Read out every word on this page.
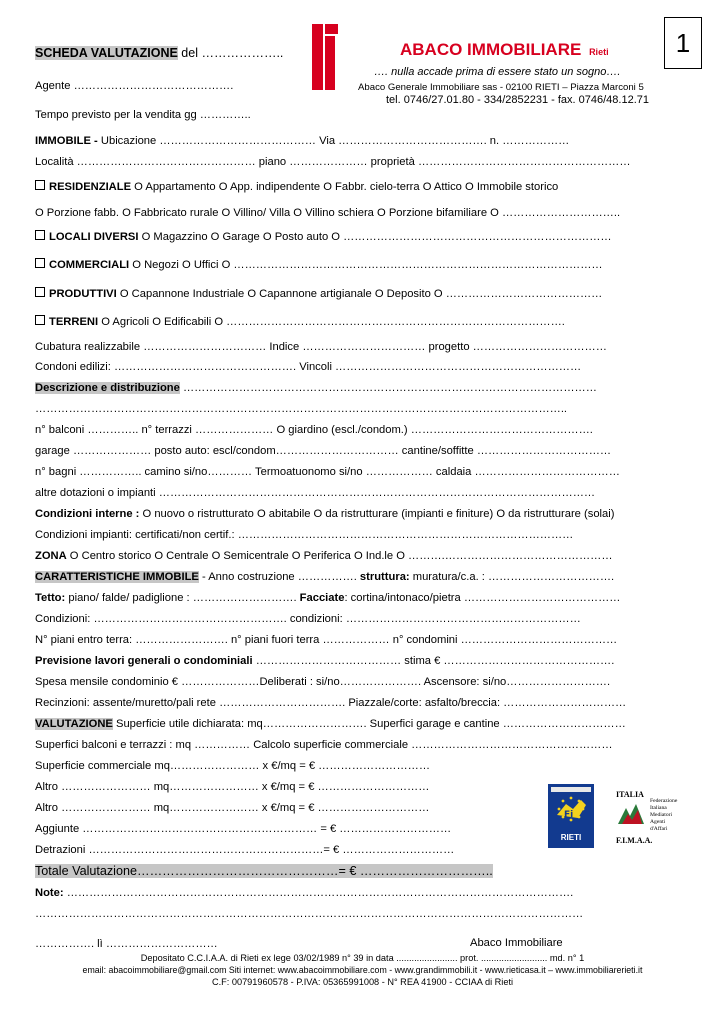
SCHEDA VALUTAZIONE del ………………..	ABACO IMMOBILIARE Rieti	1
…. nulla accade prima di essere stato un sogno….
Agente …………………………………….	Abaco Generale Immobiliare sas - 02100 RIETI – Piazza Marconi 5
tel. 0746/27.01.80 - 334/2852231 - fax. 0746/48.12.71
Tempo previsto per la vendita gg …………..
IMMOBILE - Ubicazione …………………………………… Via …………………………………. n. ………………
Località ………………………………………… piano ………………… proprietà …………………………………………………
RESIDENZIALE O Appartamento O App. indipendente O Fabbr. cielo-terra O Attico O Immobile storico
O Porzione fabb. O Fabbricato rurale O Villino/ Villa O Villino schiera O Porzione bifamiliare O …………………………..
LOCALI DIVERSI O Magazzino O Garage O Posto auto O ………………………………………………………………
COMMERCIALI O Negozi O Uffici O ………………………………………………………………………………………
PRODUTTIVI O Capannone Industriale O Capannone artigianale O Deposito O ……………………………………
TERRENI O Agricoli O Edificabili O ……………………………………………………………………………….
Cubatura realizzabile …………………………… Indice …………………………… progetto ………………………………
Condoni edilizi: …………………………………………. Vincoli …………………………………………………………
Descrizione e distribuzione …………………………………………………………………………………………………
……………………………………………………………………………………………………………………………..
n° balconi ………….. n° terrazzi ………………… O giardino (escl./condom.) ………………………………………….
garage ………………… posto auto: escl/condom…………………………… cantine/soffitte ………………………………
n° bagni …………….. camino si/no………… Termoatuonomo si/no ……………… caldaia …………………………………
altre dotazioni o impianti ………………………………………………………………………………………………………
Condizioni interne : O nuovo o ristrutturato O abitabile O da ristrutturare (impianti e finiture) O da ristrutturare (solai)
Condizioni impianti: certificati/non certif.: ………………………………………………………………………………
ZONA O Centro storico O Centrale O Semicentrale O Periferica O Ind.le O ……….………………………………………
CARATTERISTICHE IMMOBILE - Anno costruzione ……………. struttura: muratura/c.a. : …………………………….
Tetto: piano/ falde/ padiglione : ………………………. Facciate: cortina/intonaco/pietra ……………………………………
Condizioni: ……………………………………………. condizioni: ………………………………………………………
N° piani entro terra: ……………………. n° piani fuori terra ……………… n° condomini ……………………………………
Previsione lavori generali o condominiali ………………………………… stima € ……………………………………….
Spesa mensile condominio € …………………Deliberati : si/no…………………. Ascensore: si/no……………………….
Recinzioni: assente/muretto/pali rete ……………………………. Piazzale/corte: asfalto/breccia: ……………………………
VALUTAZIONE Superficie utile dichiarata: mq………………………. Superfici garage e cantine ……………………………
Superfici balconi e terrazzi : mq …………… Calcolo superficie commerciale ………………………………………………
Superficie commerciale mq…………………… x €/mq = € …………………………
Altro …………………… mq…………………… x €/mq = € …………………………
Altro …………………… mq…………………… x €/mq = € …………………………
Aggiunte ……………………………………………………… = € …………………………
Detrazioni ………………………………………………………= € …………………………
Totale Valutazione…………………………………………= € …………………………..
Note: ……………………………………………………………………………………………………………………….
…………………………………………………………………………………………………………………………………
……………. lì …………………………	Abaco Immobiliare
Fi
RIETI
ITALIA
Federazione
Italiana
Mediatori
Agenti
d'Affari
F.I.M.A.A.
Depositato C.C.I.A.A. di Rieti ex lege 03/02/1989 n° 39 in data ........................ prot. .......................... md. n° 1
email: abacoimmobiliare@gmail.com Siti internet: www.abacoimmobiliare.com - www.grandimmobili.it - www.rieticasa.it – www.immobiliarerieti.it
C.F: 00791960578 - P.IVA: 05365991008 - N° REA 41900 - CCIAA di Rieti
